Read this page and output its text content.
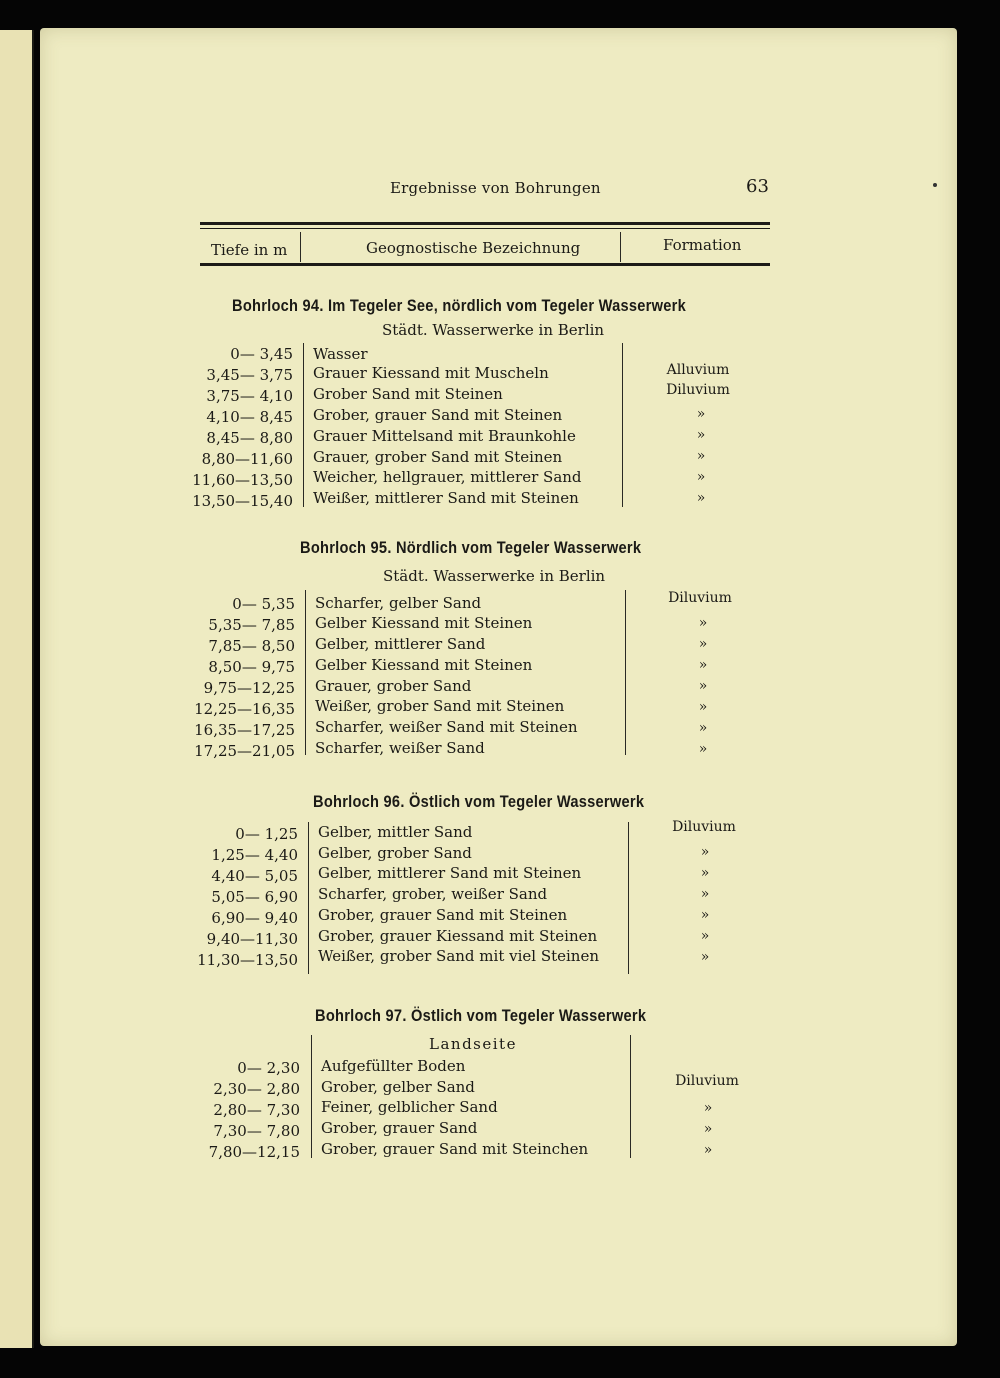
Ergebnisse von Bohrungen	63
Tiefe in m	Geognostische Bezeichnung	Formation
Bohrloch 94. Im Tegeler See, nördlich vom Tegeler Wasserwerk
Städt. Wasserwerke in Berlin
0— 3,45 Wasser
3,45— 3,75 Grauer Kiessand mit Muscheln	Alluvium
3,75— 4,10 Grober Sand mit Steinen	Diluvium
4,10— 8,45 Grober, grauer Sand mit Steinen	»
8,45— 8,80 Grauer Mittelsand mit Braunkohle	»
8,80—11,60 Grauer, grober Sand mit Steinen	»
11,60—13,50 Weicher, hellgrauer, mittlerer Sand	»
13,50—15,40 Weißer, mittlerer Sand mit Steinen	»
Bohrloch 95. Nördlich vom Tegeler Wasserwerk
Städt. Wasserwerke in Berlin
0— 5,35 Scharfer, gelber Sand	Diluvium
5,35— 7,85 Gelber Kiessand mit Steinen	»
7,85— 8,50 Gelber, mittlerer Sand	»
8,50— 9,75 Gelber Kiessand mit Steinen	»
9,75—12,25 Grauer, grober Sand	»
12,25—16,35 Weißer, grober Sand mit Steinen	»
16,35—17,25 Scharfer, weißer Sand mit Steinen	»
17,25—21,05 Scharfer, weißer Sand	»
Bohrloch 96. Östlich vom Tegeler Wasserwerk
0— 1,25 Gelber, mittler Sand	Diluvium
1,25— 4,40 Gelber, grober Sand	»
4,40— 5,05 Gelber, mittlerer Sand mit Steinen	»
5,05— 6,90 Scharfer, grober, weißer Sand	»
6,90— 9,40 Grober, grauer Sand mit Steinen	»
9,40—11,30 Grober, grauer Kiessand mit Steinen	»
11,30—13,50 Weißer, grober Sand mit viel Steinen	»
Bohrloch 97. Östlich vom Tegeler Wasserwerk
Landseite
0— 2,30 Aufgefüllter Boden
2,30— 2,80 Grober, gelber Sand	Diluvium
2,80— 7,30 Feiner, gelblicher Sand	»
7,30— 7,80 Grober, grauer Sand	»
7,80—12,15 Grober, grauer Sand mit Steinchen	»
